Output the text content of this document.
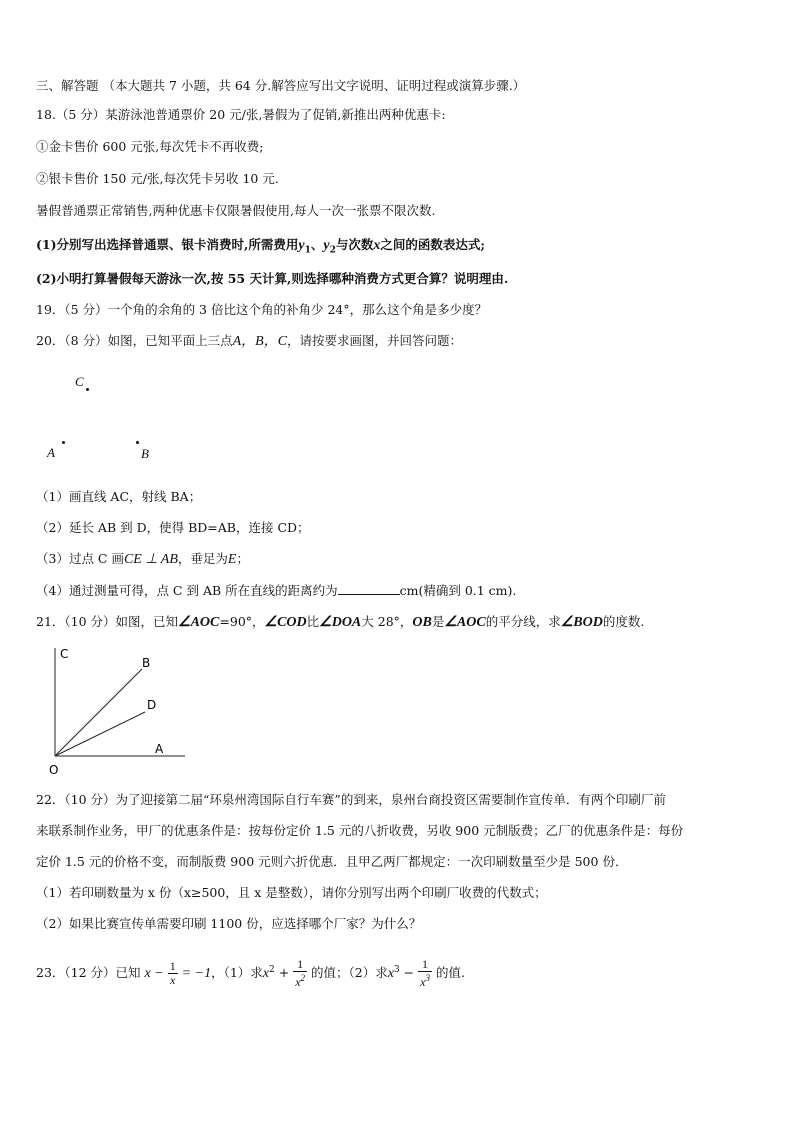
三、解答题 （本大题共 7 小题，共 64 分.解答应写出文字说明、证明过程或演算步骤.）
18.（5 分）某游泳池普通票价 20 元/张,暑假为了促销,新推出两种优惠卡:
①金卡售价 600 元张,每次凭卡不再收费;
②银卡售价 150 元/张,每次凭卡另收 10 元.
暑假普通票正常销售,两种优惠卡仅限暑假使用,每人一次一张票不限次数.
(1)分别写出选择普通票、银卡消费时,所需费用$y_1$、$y_2$与次数x之间的函数表达式;
(2)小明打算暑假每天游泳一次,按 55 天计算,则选择哪种消费方式更合算？说明理由.
19．（5 分）一个角的余角的 3 倍比这个角的补角少 24°，那么这个角是多少度？
20．（8 分）如图，已知平面上三点A，B，C，请按要求画图，并回答问题：
C
A	B
（1）画直线 AC，射线 BA；
（2）延长 AB 到 D，使得 BD=AB，连接 CD；
（3）过点 C 画CE ⊥ AB，垂足为E；
（4）通过测量可得，点 C 到 AB 所在直线的距离约为	cm(精确到 0.1 cm).
21．（10 分）如图，已知∠AOC=90°，∠COD比∠DOA大 28°，OB是∠AOC的平分线，求∠BOD的度数.
C
B
D
A
O
22．（10 分）为了迎接第二届“环泉州湾国际自行车赛”的到来，泉州台商投资区需要制作宣传单．有两个印刷厂前
来联系制作业务，甲厂的优惠条件是：按每份定价 1.5 元的八折收费，另收 900 元制版费；乙厂的优惠条件是：每份
定价 1.5 元的价格不变，而制版费 900 元则六折优惠．且甲乙两厂都规定：一次印刷数量至少是 500 份．
（1）若印刷数量为 x 份（x≥500，且 x 是整数），请你分别写出两个印刷厂收费的代数式；
（2）如果比赛宣传单需要印刷 1100 份，应选择哪个厂家？为什么？
23．（12 分）已知 $x - \frac{1}{x} = -1$，（1）求$x^2 + \frac{1}{x^2}$ 的值；（2）求$x^3 - \frac{1}{x^3}$ 的值.
